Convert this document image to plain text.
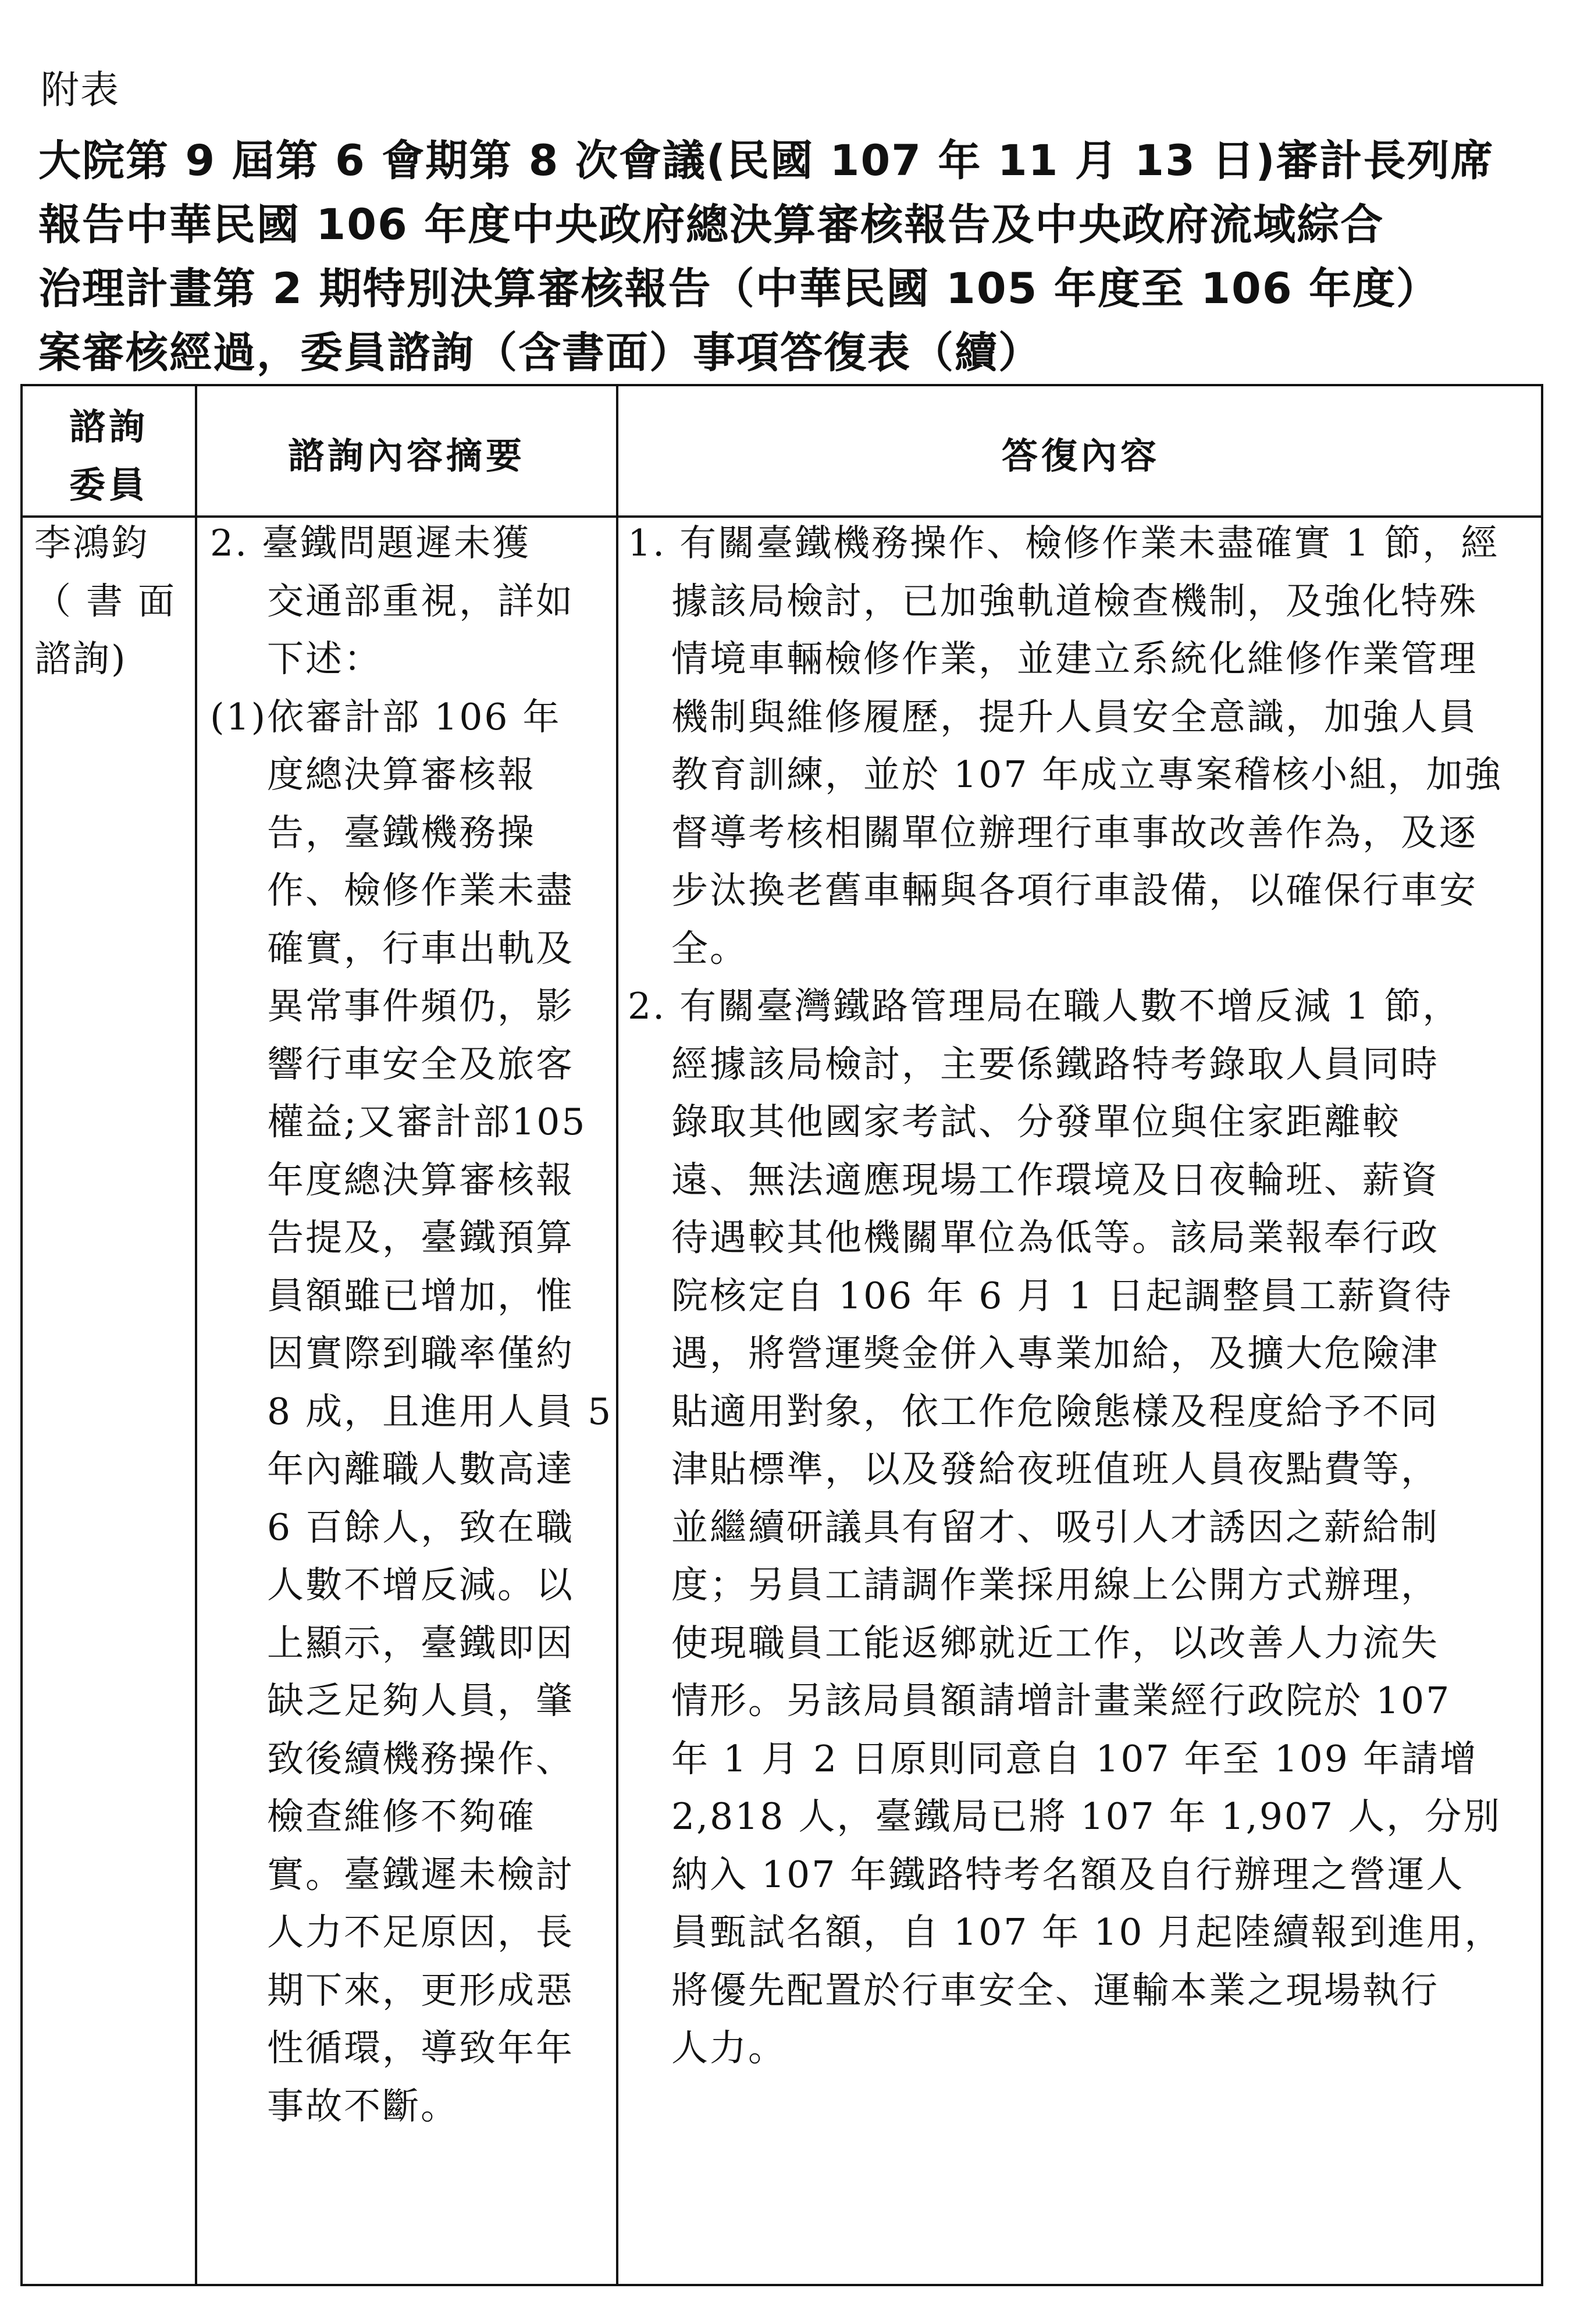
附表
大院第 9 屆第 6 會期第 8 次會議(民國 107 年 11 月 13 日)審計長列席
報告中華民國 106 年度中央政府總決算審核報告及中央政府流域綜合
治理計畫第 2 期特別決算審核報告（中華民國 105 年度至 106 年度）
案審核經過，委員諮詢（含書面）事項答復表（續）
諮詢
委員
諮詢內容摘要	答復內容
李鴻鈞
（ 書 面
諮詢)
2. 臺鐵問題遲未獲
交通部重視，詳如
下述：
(1)依審計部 106 年
度總決算審核報
告，臺鐵機務操
作、檢修作業未盡
確實，行車出軌及
異常事件頻仍，影
響行車安全及旅客
權益;又審計部105
年度總決算審核報
告提及，臺鐵預算
員額雖已增加，惟
因實際到職率僅約
8 成，且進用人員 5
年內離職人數高達
6 百餘人，致在職
人數不增反減。以
上顯示，臺鐵即因
缺乏足夠人員，肇
致後續機務操作、
檢查維修不夠確
實。臺鐵遲未檢討
人力不足原因，長
期下來，更形成惡
性循環，導致年年
事故不斷。
1. 有關臺鐵機務操作、檢修作業未盡確實 1 節，經
據該局檢討，已加強軌道檢查機制，及強化特殊
情境車輛檢修作業，並建立系統化維修作業管理
機制與維修履歷，提升人員安全意識，加強人員
教育訓練，並於 107 年成立專案稽核小組，加強
督導考核相關單位辦理行車事故改善作為，及逐
步汰換老舊車輛與各項行車設備，以確保行車安
全。
2. 有關臺灣鐵路管理局在職人數不增反減 1 節，
經據該局檢討，主要係鐵路特考錄取人員同時
錄取其他國家考試、分發單位與住家距離較
遠、無法適應現場工作環境及日夜輪班、薪資
待遇較其他機關單位為低等。該局業報奉行政
院核定自 106 年 6 月 1 日起調整員工薪資待
遇，將營運獎金併入專業加給，及擴大危險津
貼適用對象，依工作危險態樣及程度給予不同
津貼標準，以及發給夜班值班人員夜點費等，
並繼續研議具有留才、吸引人才誘因之薪給制
度；另員工請調作業採用線上公開方式辦理，
使現職員工能返鄉就近工作，以改善人力流失
情形。另該局員額請增計畫業經行政院於 107
年 1 月 2 日原則同意自 107 年至 109 年請增
2,818 人，臺鐵局已將 107 年 1,907 人，分別
納入 107 年鐵路特考名額及自行辦理之營運人
員甄試名額，自 107 年 10 月起陸續報到進用，
將優先配置於行車安全、運輸本業之現場執行
人力。
